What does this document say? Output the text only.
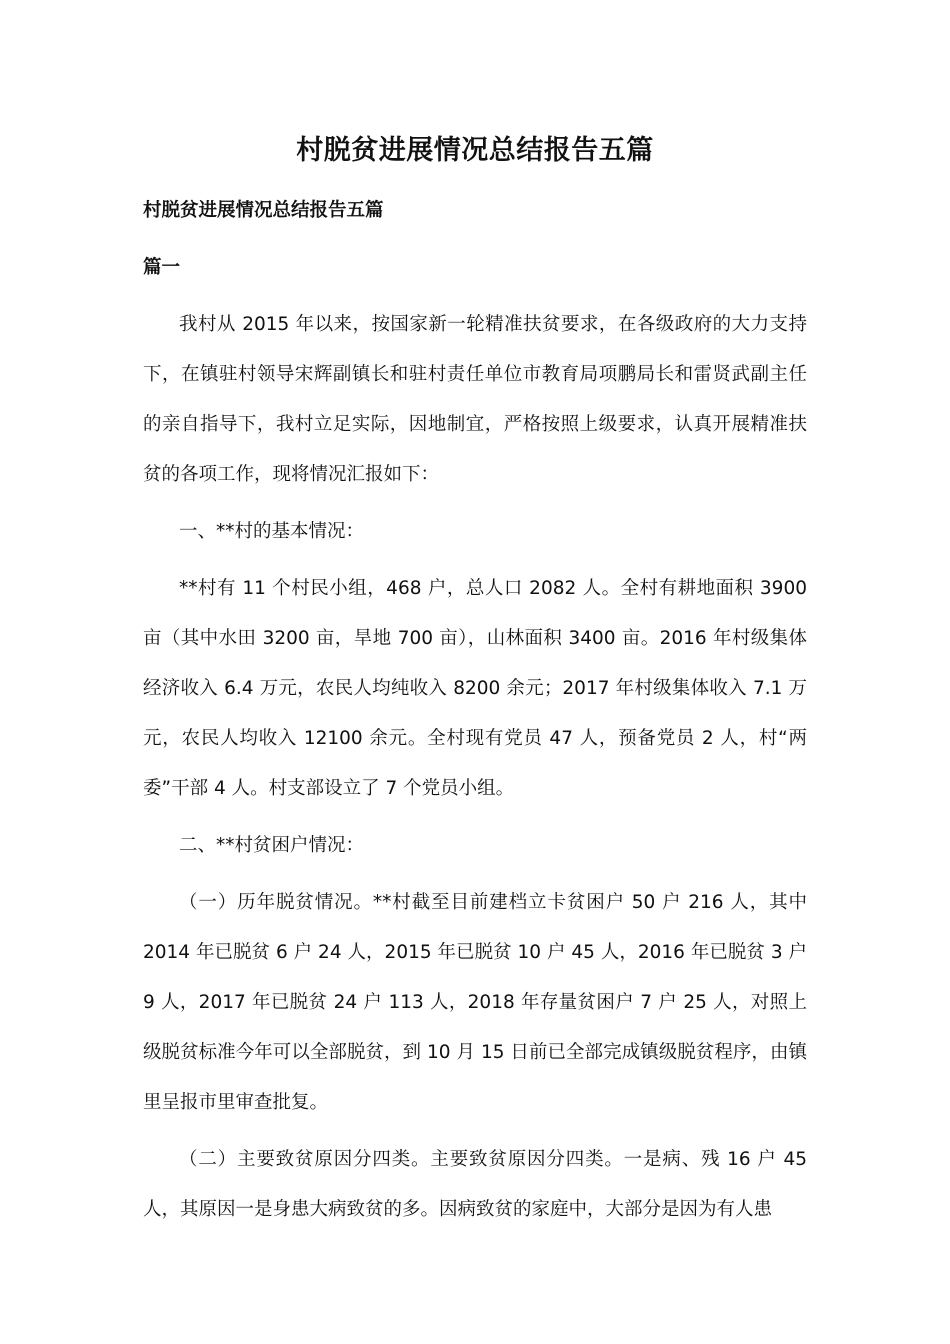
村脱贫进展情况总结报告五篇
村脱贫进展情况总结报告五篇
篇一

我村从 2015 年以来，按国家新一轮精准扶贫要求，在各级政府的大力支持下，在镇驻村领导宋辉副镇长和驻村责任单位市教育局项鹏局长和雷贤武副主任的亲自指导下，我村立足实际，因地制宜，严格按照上级要求，认真开展精准扶贫的各项工作，现将情况汇报如下：

一、**村的基本情况：

**村有 11 个村民小组，468 户，总人口 2082 人。全村有耕地面积 3900 亩（其中水田 3200 亩，旱地 700 亩），山林面积 3400 亩。2016 年村级集体经济收入 6.4 万元，农民人均纯收入 8200 余元；2017 年村级集体收入 7.1 万元，农民人均收入 12100 余元。全村现有党员 47 人，预备党员 2 人，村“两委”干部 4 人。村支部设立了 7 个党员小组。

二、**村贫困户情况：

（一）历年脱贫情况。**村截至目前建档立卡贫困户 50 户 216 人，其中 2014 年已脱贫 6 户 24 人，2015 年已脱贫 10 户 45 人，2016 年已脱贫 3 户 9 人，2017 年已脱贫 24 户 113 人，2018 年存量贫困户 7 户 25 人，对照上级脱贫标准今年可以全部脱贫，到 10 月 15 日前已全部完成镇级脱贫程序，由镇里呈报市里审查批复。

（二）主要致贫原因分四类。主要致贫原因分四类。一是病、残 16 户 45 人，其原因一是身患大病致贫的多。因病致贫的家庭中，大部分是因为有人患
